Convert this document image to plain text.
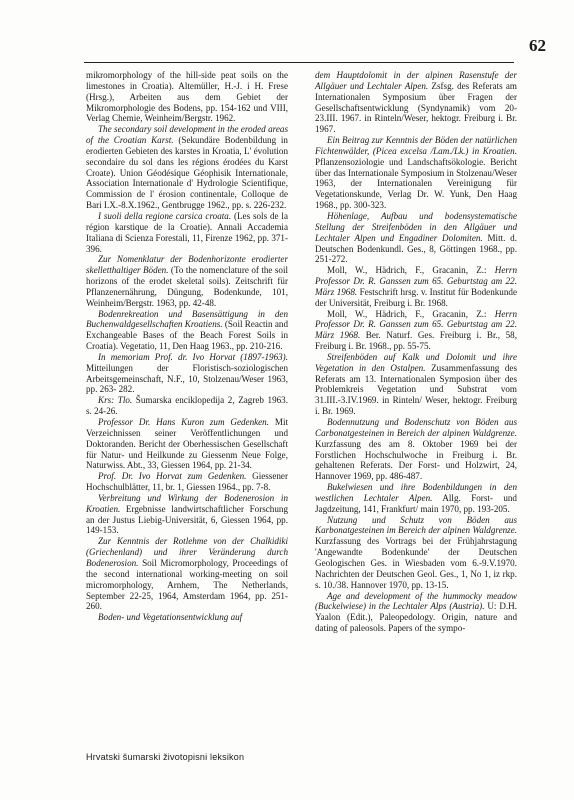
62

mikromorphology of the hill-side peat soils on the limestones in Croatia). Altemüller, H.-J. i H. Frese (Hrsg.), Arbeiten aus dem Gebiet der Mikromorphologie des Bodens, pp. 154-162 und VIII, Verlag Chemie, Weinheim/Bergstr. 1962.

The secondary soil development in the eroded areas of the Croatian Karst. (Sekundäre Bodenbildung in erodierten Gebieten des karstes in Kroatia, L' évolution secondaire du sol dans les régions érodées du Karst Croate). Union Géodésique Géophisik Internationale, Association Internationale d' Hydrologie Scientifique, Commission de l' érosion continentale, Colloque de Bari I.X.-8.X.1962., Gentbrugge 1962., pp. s. 226-232.

I suoli della regione carsica croata. (Les sols de la région karstique de la Croatie). Annali Accademia Italiana di Scienza Forestali, 11, Firenze 1962, pp. 371-396.

Zur Nomenklatur der Bodenhorizonte erodierter skelletthaltiger Böden. (To the nomenclature of the soil horizons of the erodet skeletal soils). Zeitschrift für Pflanzenernährung, Düngung, Bodenkunde, 101, Weinheim/Bergstr. 1963, pp. 42-48.

Bodenrekreation und Basensättigung in den Buchenwaldgesellschaften Kroatiens. (Soil Reactin and Exchangeable Bases of the Beach Forest Soils in Croatia). Vegetatio, 11, Den Haag 1963., pp. 210-216.

In memoriam Prof. dr. Ivo Horvat (1897-1963). Mitteilungen der Floristisch-soziologischen Arbeitsgemeinschaft, N.F., 10, Stolzenau/Weser 1963, pp. 263- 282.

Krs: Tlo. Šumarska enciklopedija 2, Zagreb 1963. s. 24-26.

Professor Dr. Hans Kuron zum Gedenken. Mit Verzeichnissen seiner Veröffentlichungen und Doktoranden. Bericht der Oberhessischen Gesellschaft für Natur- und Heilkunde zu Giessenm Neue Folge, Naturwiss. Abt., 33, Giessen 1964, pp. 21-34.

Prof. Dr. Ivo Horvat zum Gedenken. Giessener Hochschulblätter, 11, br. 1, Giessen 1964., pp. 7-8.

Verbreitung und Wirkung der Bodenerosion in Kroatien. Ergebnisse landwirtschaftlicher Forschung an der Justus Liebig-Universität, 6, Giessen 1964, pp. 149-153.

Zur Kenntnis der Rotlehme von der Chalkidiki (Griechenland) und ihrer Veränderung durch Bodenerosion. Soil Micromorphology, Proceedings of the second international working-meeting on soil micromorphology, Arnhem, The Netherlands, September 22-25, 1964, Amsterdam 1964, pp. 251-260.

Boden- und Vegetationsentwicklung auf

dem Hauptdolomit in der alpinen Rasenstufe der Allgäuer und Lechtaler Alpen. Zsfsg. des Referats am Internationalen Symposium über Fragen der Gesellschaftsentwicklung (Syndynamik) vom 20-23.III. 1967. in Rinteln/Weser, hektogr. Freiburg i. Br. 1967.

Ein Beitrag zur Kenntnis der Böden der natürlichen Fichtenwälder, (Picea excelsa /Lam./Lk.) in Kroatien. Pflanzensoziologie und Landschaftsökologie. Bericht über das Internationale Symposium in Stolzenau/Weser 1963, der Internationalen Vereinigung für Vegetationskunde, Verlag Dr. W. Yunk, Den Haag 1968., pp. 300-323.

Höhenlage, Aufbau und bodensystematische Stellung der Streifenböden in den Allgäuer und Lechtaler Alpen und Engadiner Dolomiten. Mitt. d. Deutschen Bodenkundl. Ges., 8, Göttingen 1968., pp. 251-272.

Moll, W., Hädrich, F., Gracanin, Z.: Herrn Professor Dr. R. Ganssen zum 65. Geburtstag am 22. März 1968. Festschrift hrsg. v. Institut für Bodenkunde der Universität, Freiburg i. Br. 1968.

Moll, W., Hädrich, F., Gracanin, Z.: Herrn Professor Dr. R. Ganssen zum 65. Geburtstag am 22. März 1968. Ber. Naturf. Ges. Freiburg i. Br., 58, Freiburg i. Br. 1968., pp. 55-75.

Streifenböden auf Kalk und Dolomit und ihre Vegetation in den Ostalpen. Zusammenfassung des Referats am 13. Internationalen Symposion über des Problemkreis Vegetation und Substrat vom 31.III.-3.IV.1969. in Rinteln/ Weser, hektogr. Freiburg i. Br. 1969.

Bodennutzung und Bodenschutz von Böden aus Carbonatgesteinen in Bereich der alpinen Waldgrenze. Kurzfassung des am 8. Oktober 1969 bei der Forstlichen Hochschulwoche in Freiburg i. Br. gehaltenen Referats. Der Forst- und Holzwirt, 24, Hannover 1969, pp. 486-487.

Bukelwiesen und ihre Bodenbildungen in den westlichen Lechtaler Alpen. Allg. Forst- und Jagdzeitung, 141, Frankfurt/ main 1970, pp. 193-205.

Nutzung und Schutz von Böden aus Karbonatgesteinen im Bereich der alpinen Waldgrenze. Kurzfassung des Vortrags bei der Frühjahrstagung 'Angewandte Bodenkunde' der Deutschen Geologischen Ges. in Wiesbaden vom 6.-9.V.1970. Nachrichten der Deutschen Geol. Ges., 1, No 1, iz rkp. s. 10./38. Hannover 1970, pp. 13-15.

Age and development of the hummocky meadow (Buckelwiese) in the Lechtaler Alps (Austria). U: D.H. Yaalon (Edit.), Paleopedology. Origin, nature and dating of paleosols. Papers of the sympo-

Hrvatski šumarski životopisni leksikon
